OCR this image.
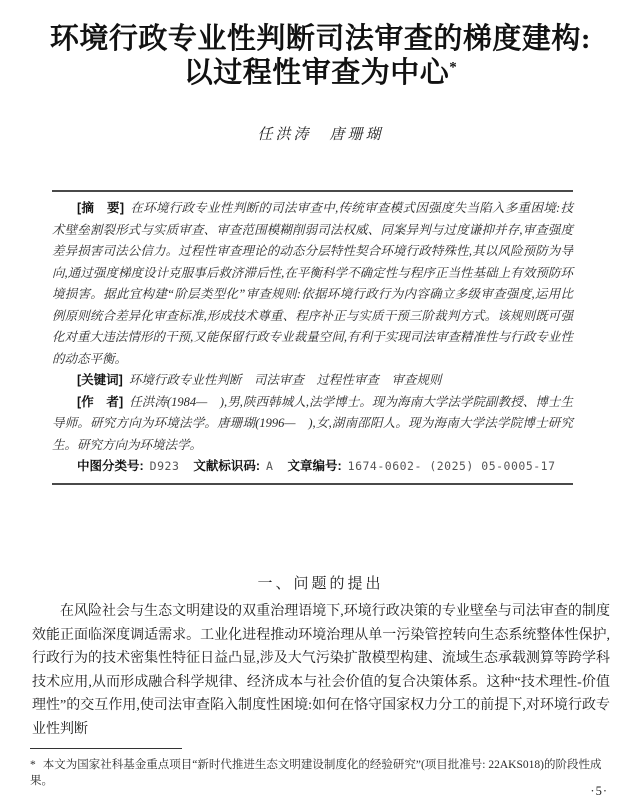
环境行政专业性判断司法审查的梯度建构:
以过程性审查为中心*
任洪涛　唐珊瑚

[摘　要] 在环境行政专业性判断的司法审查中,传统审查模式因强度失当陷入多重困境:技术壁垒割裂形式与实质审查、审查范围模糊削弱司法权威、同案异判与过度谦抑并存,审查强度差异损害司法公信力。过程性审查理论的动态分层特性契合环境行政特殊性,其以风险预防为导向,通过强度梯度设计克服事后救济滞后性,在平衡科学不确定性与程序正当性基础上有效预防环境损害。据此宜构建“阶层类型化”审查规则:依据环境行政行为内容确立多级审查强度,运用比例原则统合差异化审查标准,形成技术尊重、程序补正与实质干预三阶裁判方式。该规则既可强化对重大违法情形的干预,又能保留行政专业裁量空间,有利于实现司法审查精准性与行政专业性的动态平衡。

[关键词] 环境行政专业性判断　司法审查　过程性审查　审查规则

[作　者] 任洪涛(1984—　),男,陕西韩城人,法学博士。现为海南大学法学院副教授、博士生导师。研究方向为环境法学。唐珊瑚(1996—　),女,湖南邵阳人。现为海南大学法学院博士研究生。研究方向为环境法学。

中图分类号: D923 文献标识码: A 文章编号: 1674-0602- (2025) 05-0005-17

一、问题的提出

在风险社会与生态文明建设的双重治理语境下,环境行政决策的专业壁垒与司法审查的制度效能正面临深度调适需求。工业化进程推动环境治理从单一污染管控转向生态系统整体性保护,行政行为的技术密集性特征日益凸显,涉及大气污染扩散模型构建、流域生态承载测算等跨学科技术应用,从而形成融合科学规律、经济成本与社会价值的复合决策体系。这种“技术理性-价值理性”的交互作用,使司法审查陷入制度性困境:如何在恪守国家权力分工的前提下,对环境行政专业性判断

* 本文为国家社科基金重点项目“新时代推进生态文明建设制度化的经验研究”(项目批准号: 22AKS018)的阶段性成果。
·5·
